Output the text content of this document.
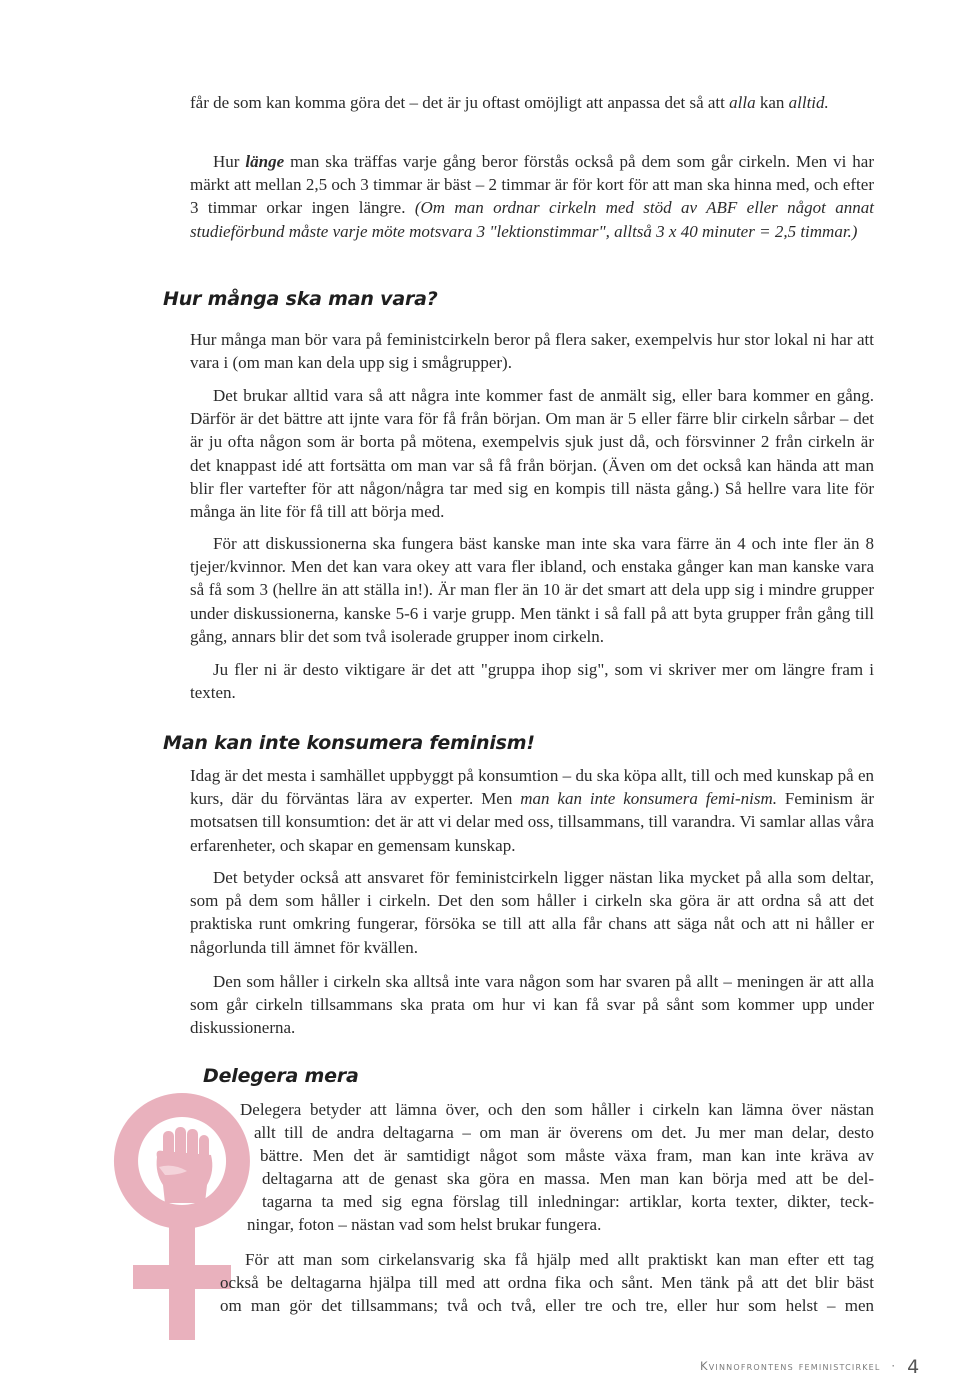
får de som kan komma göra det – det är ju oftast omöjligt att anpassa det så att alla kan alltid.

Hur länge man ska träffas varje gång beror förstås också på dem som går cirkeln. Men vi har märkt att mellan 2,5 och 3 timmar är bäst – 2 timmar är för kort för att man ska hinna med, och efter 3 timmar orkar ingen längre. (Om man ordnar cirkeln med stöd av ABF eller något annat studieförbund måste varje möte motsvara 3 "lektionstimmar", alltså 3 x 40 minuter = 2,5 timmar.)

Hur många ska man vara?

Hur många man bör vara på feministcirkeln beror på flera saker, exempelvis hur stor lokal ni har att vara i (om man kan dela upp sig i smågrupper).

Det brukar alltid vara så att några inte kommer fast de anmält sig, eller bara kommer en gång. Därför är det bättre att ijnte vara för få från början. Om man är 5 eller färre blir cirkeln sårbar – det är ju ofta någon som är borta på mötena, exempelvis sjuk just då, och försvinner 2 från cirkeln är det knappast idé att fortsätta om man var så få från början. (Även om det också kan hända att man blir fler vartefter för att någon/några tar med sig en kompis till nästa gång.) Så hellre vara lite för många än lite för få till att börja med.

För att diskussionerna ska fungera bäst kanske man inte ska vara färre än 4 och inte fler än 8 tjejer/kvinnor. Men det kan vara okey att vara fler ibland, och enstaka gånger kan man kanske vara så få som 3 (hellre än att ställa in!). Är man fler än 10 är det smart att dela upp sig i mindre grupper under diskussionerna, kanske 5-6 i varje grupp. Men tänkt i så fall på att byta grupper från gång till gång, annars blir det som två isolerade grupper inom cirkeln.

Ju fler ni är desto viktigare är det att "gruppa ihop sig", som vi skriver mer om längre fram i texten.

Man kan inte konsumera feminism!

Idag är det mesta i samhället uppbyggt på konsumtion – du ska köpa allt, till och med kunskap på en kurs, där du förväntas lära av experter. Men man kan inte konsumera femi-nism. Feminism är motsatsen till konsumtion: det är att vi delar med oss, tillsammans, till varandra. Vi samlar allas våra erfarenheter, och skapar en gemensam kunskap.

Det betyder också att ansvaret för feministcirkeln ligger nästan lika mycket på alla som deltar, som på dem som håller i cirkeln. Det den som håller i cirkeln ska göra är att ordna så att det praktiska runt omkring fungerar, försöka se till att alla får chans att säga nåt och att ni håller er någorlunda till ämnet för kvällen.

Den som håller i cirkeln ska alltså inte vara någon som har svaren på allt – meningen är att alla som går cirkeln tillsammans ska prata om hur vi kan få svar på sånt som kommer upp under diskussionerna.

Delegera mera

Delegera betyder att lämna över, och den som håller i cirkeln kan lämna över nästan

allt till de andra deltagarna – om man är överens om det. Ju mer man delar, desto

bättre. Men det är samtidigt något som måste växa fram, man kan inte kräva av

deltagarna att de genast ska göra en massa. Men man kan börja med att be del-

tagarna ta med sig egna förslag till inledningar: artiklar, korta texter, dikter, teck-

ningar, foton – nästan vad som helst brukar fungera.

För att man som cirkelansvarig ska få hjälp med allt praktiskt kan man efter ett tag

också be deltagarna hjälpa till med att ordna fika och sånt. Men tänk på att det blir bäst

om man gör det tillsammans; två och två, eller tre och tre, eller hur som helst – men

Kvinnofrontens feministcirkel · 4
